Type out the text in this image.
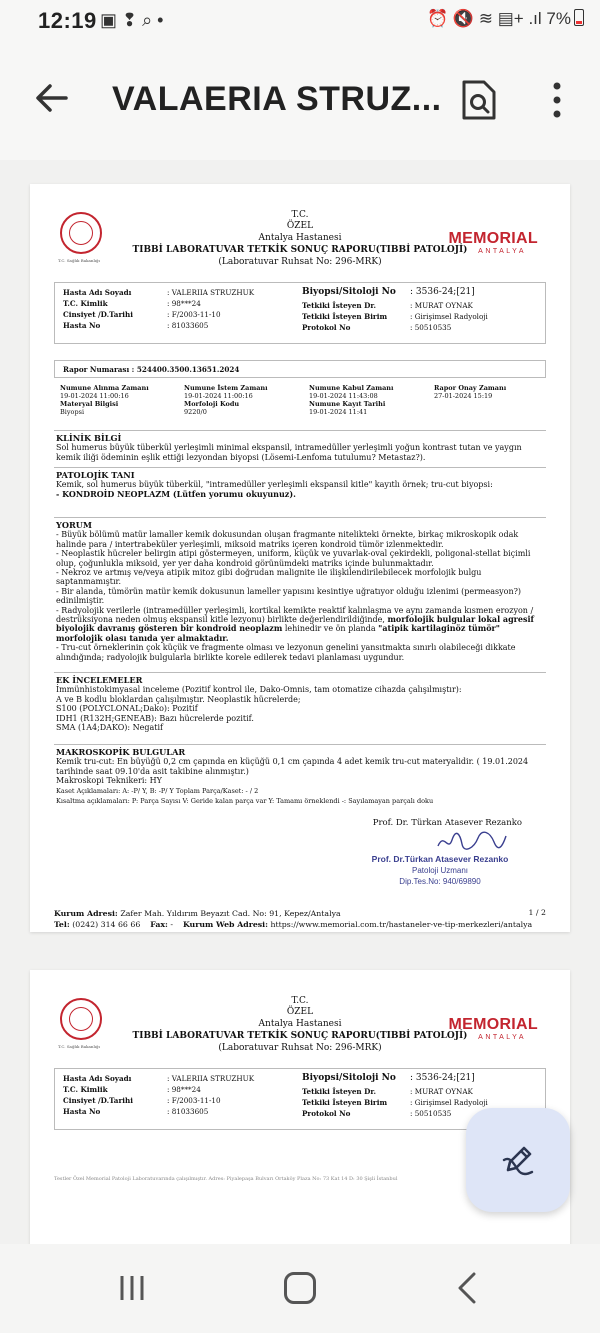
12:19 ▣ ❢ ⌕ •	⏰ 🔇 ≋ ▤+ .ıl 7%
VALAERIA STRUZ...
T.C. Sağlık Bakanlığı
T.C.
ÖZEL
Antalya Hastanesi
TIBBİ LABORATUVAR TETKİK SONUÇ RAPORU(TIBBİ PATOLOJİ)
(Laboratuvar Ruhsat No: 296-MRK)
MEMORIAL
ANTALYA
Hasta Adı Soyadı	: VALERIIA STRUZHUK
T.C. Kimlik	: 98***24
Cinsiyet /D.Tarihi	: F/2003-11-10
Hasta No	: 81033605
Biyopsi/Sitoloji No	: 3536-24;[21]
Tetkiki İsteyen Dr.	: MURAT OYNAK
Tetkiki İsteyen Birim	: Girişimsel Radyoloji
Protokol No	: 50510535
Rapor Numarası : 524400.3500.13651.2024
Numune Alınma Zamanı
19-01-2024 11:00:16
Materyal Bilgisi
Biyopsi
Numune İstem Zamanı
19-01-2024 11:00:16
Morfoloji Kodu
9220/0
Numune Kabul Zamanı
19-01-2024 11:43:08
Numune Kayıt Tarihi
19-01-2024 11:41
Rapor Onay Zamanı
27-01-2024 15:19
KLİNİK BİLGİ
Sol humerus büyük tüberkül yerleşimli minimal ekspansil, intramedüller yerleşimli yoğun kontrast tutan ve yaygın kemik iliği ödeminin eşlik ettiği lezyondan biyopsi (Lösemi-Lenfoma tutulumu? Metastaz?).
PATOLOJİK TANI
Kemik, sol humerus büyük tüberkül, "intramedüller yerleşimli ekspansil kitle" kayıtlı örnek; tru-cut biyopsi:
- KONDROİD NEOPLAZM (Lütfen yorumu okuyunuz).
YORUM
- Büyük bölümü matür lamaller kemik dokusundan oluşan fragmante nitelikteki örnekte, birkaç mikroskopik odak halinde para / intertrabeküler yerleşimli, miksoid matriks içeren kondroid tümör izlenmektedir.
- Neoplastik hücreler belirgin atipi göstermeyen, uniform, küçük ve yuvarlak-oval çekirdekli, poligonal-stellat biçimli olup, çoğunlukla miksoid, yer yer daha kondroid görünümdeki matriks içinde bulunmaktadır.
- Nekroz ve artmış ve/veya atipik mitoz gibi doğrudan malignite ile ilişkilendirilebilecek morfolojik bulgu saptanmamıştır.
- Bir alanda, tümörün matür kemik dokusunun lameller yapısını kesintiye uğratıyor olduğu izlenimi (permeasyon?) edinilmiştir.
- Radyolojik verilerle (intramedüller yerleşimli, kortikal kemikte reaktif kalınlaşma ve aynı zamanda kısmen erozyon / destrüksiyona neden olmuş ekspansil kitle lezyonu) birlikte değerlendirildiğinde, morfolojik bulgular lokal agresif biyolojik davranış gösteren bir kondroid neoplazm lehinedir ve ön planda "atipik kartilaginöz tümör" morfolojik olası tanıda yer almaktadır.
- Tru-cut örneklerinin çok küçük ve fragmente olması ve lezyonun genelini yansıtmakta sınırlı olabileceği dikkate alındığında; radyolojik bulgularla birlikte korele edilerek tedavi planlaması uygundur.
EK İNCELEMELER
İmmünhistokimyasal inceleme (Pozitif kontrol ile, Dako-Omnis, tam otomatize cihazda çalışılmıştır):
A ve B kodlu bloklardan çalışılmıştır. Neoplastik hücrelerde;
S100 (POLYCLONAL;Dako): Pozitif
IDH1 (R132H;GENEAB): Bazı hücrelerde pozitif.
SMA (1A4;DAKO): Negatif
MAKROSKOPİK BULGULAR
Kemik tru-cut: En büyüğü 0,2 cm çapında en küçüğü 0,1 cm çapında 4 adet kemik tru-cut materyalidir. ( 19.01.2024 tarihinde saat 09.10'da asit takibine alınmıştır.)
Makroskopi Teknikeri: HY
Kaset Açıklamaları: A: -P/ Y, B: -P/ Y Toplam Parça/Kaset: - / 2
Kısaltma açıklamaları: P: Parça Sayısı V: Geride kalan parça var Y: Tamamı örneklendi -: Sayılamayan parçalı doku
Prof. Dr. Türkan Atasever Rezanko
Prof. Dr.Türkan Atasever Rezanko
Patoloji Uzmanı
Dip.Tes.No: 940/69890
Kurum Adresi: Zafer Mah. Yıldırım Beyazıt Cad. No: 91, Kepez/Antalya
Tel: (0242) 314 66 66 Fax: - Kurum Web Adresi: https://www.memorial.com.tr/hastaneler-ve-tip-merkezleri/antalya
1 / 2
T.C. Sağlık Bakanlığı
T.C.
ÖZEL
Antalya Hastanesi
TIBBİ LABORATUVAR TETKİK SONUÇ RAPORU(TIBBİ PATOLOJİ)
(Laboratuvar Ruhsat No: 296-MRK)
MEMORIAL
ANTALYA
Hasta Adı Soyadı	: VALERIIA STRUZHUK
T.C. Kimlik	: 98***24
Cinsiyet /D.Tarihi	: F/2003-11-10
Hasta No	: 81033605
Biyopsi/Sitoloji No	: 3536-24;[21]
Tetkiki İsteyen Dr.	: MURAT OYNAK
Tetkiki İsteyen Birim	: Girişimsel Radyoloji
Protokol No	: 50510535
Testler Özel Memorial Patoloji Laboratuvarında çalışılmıştır. Adres: Piyalepaşa Bulvarı Ortaköy Plaza No: 73 Kat 14 D: 30 Şişli İstanbul
